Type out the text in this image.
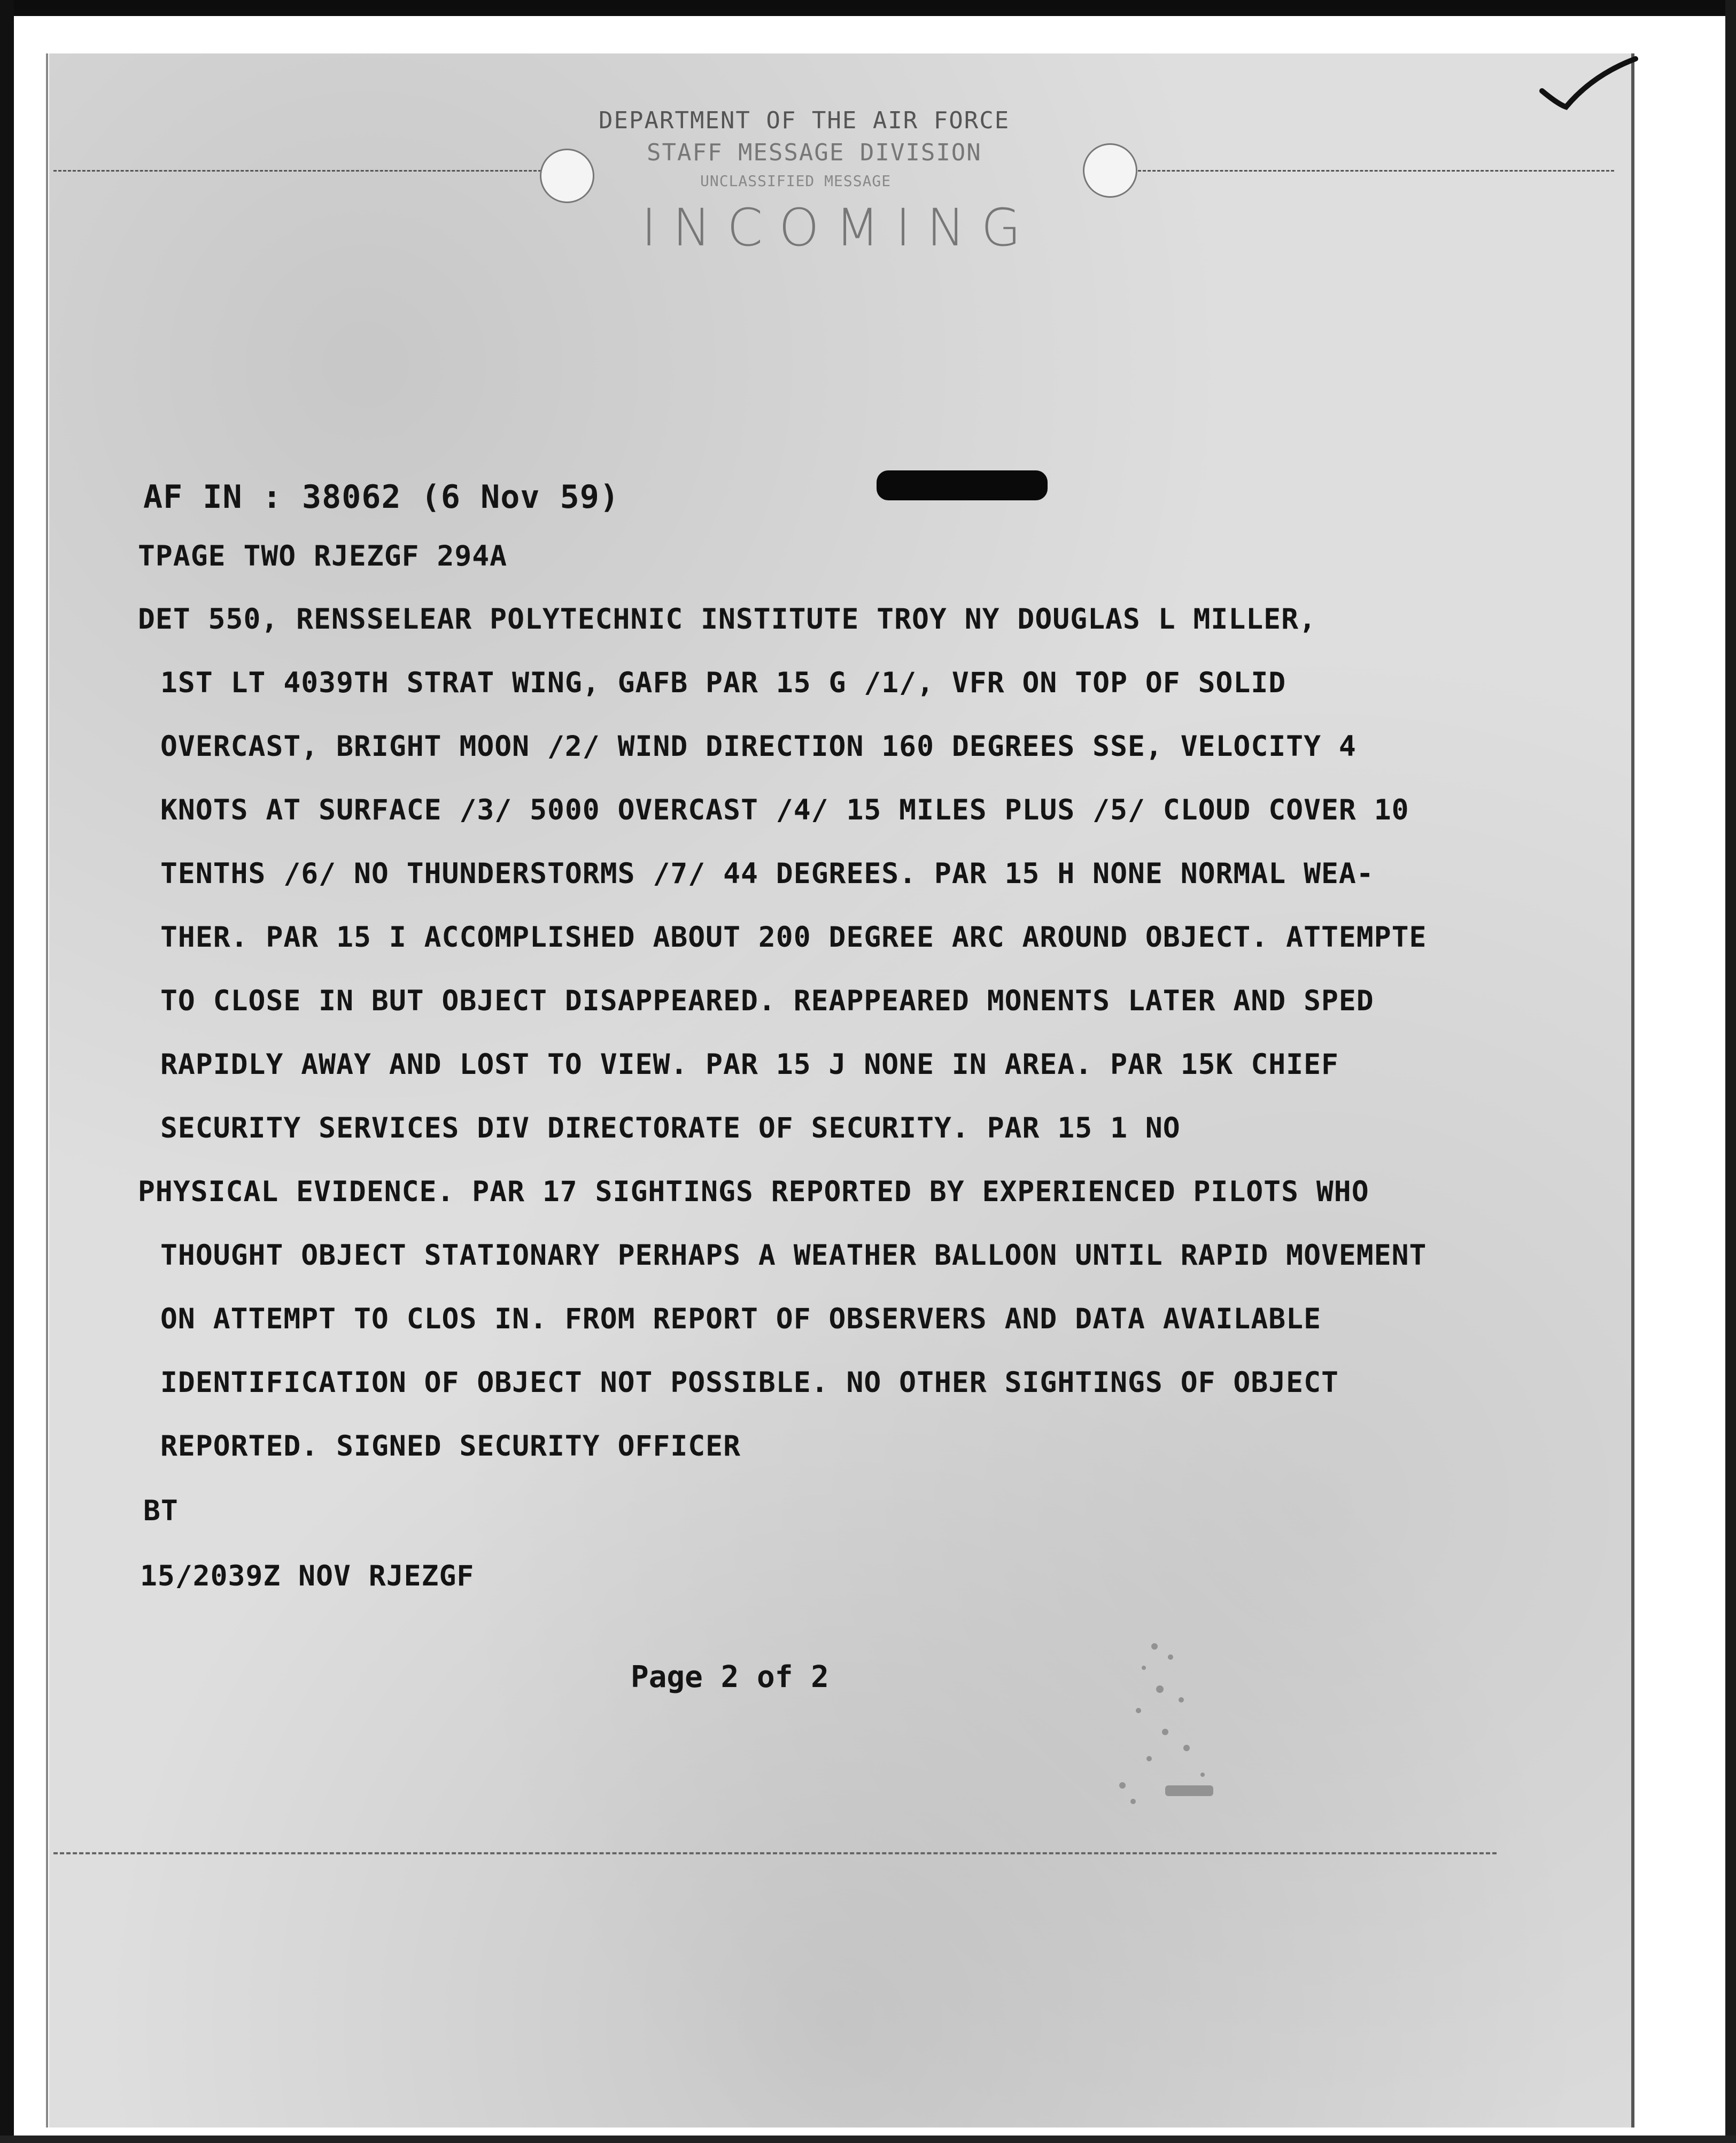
DEPARTMENT OF THE AIR FORCE
STAFF MESSAGE DIVISION
UNCLASSIFIED MESSAGE
INCOMING
AF IN : 38062 (6 Nov 59)
TPAGE TWO RJEZGF 294A
DET 550, RENSSELEAR POLYTECHNIC INSTITUTE TROY NY DOUGLAS L MILLER,
1ST LT 4039TH STRAT WING, GAFB PAR 15 G /1/, VFR ON TOP OF SOLID
OVERCAST, BRIGHT MOON /2/ WIND DIRECTION 160 DEGREES SSE, VELOCITY 4
KNOTS AT SURFACE /3/ 5000 OVERCAST /4/ 15 MILES PLUS /5/ CLOUD COVER 10
TENTHS /6/ NO THUNDERSTORMS /7/ 44 DEGREES. PAR 15 H NONE NORMAL WEA-
THER. PAR 15 I ACCOMPLISHED ABOUT 200 DEGREE ARC AROUND OBJECT. ATTEMPTE
TO CLOSE IN BUT OBJECT DISAPPEARED. REAPPEARED MONENTS LATER AND SPED
RAPIDLY AWAY AND LOST TO VIEW. PAR 15 J NONE IN AREA. PAR 15K CHIEF
SECURITY SERVICES DIV DIRECTORATE OF SECURITY. PAR 15 1 NO
PHYSICAL EVIDENCE. PAR 17 SIGHTINGS REPORTED BY EXPERIENCED PILOTS WHO
THOUGHT OBJECT STATIONARY PERHAPS A WEATHER BALLOON UNTIL RAPID MOVEMENT
ON ATTEMPT TO CLOS IN. FROM REPORT OF OBSERVERS AND DATA AVAILABLE
IDENTIFICATION OF OBJECT NOT POSSIBLE. NO OTHER SIGHTINGS OF OBJECT
REPORTED. SIGNED SECURITY OFFICER
BT
15/2039Z NOV RJEZGF
Page 2 of 2
